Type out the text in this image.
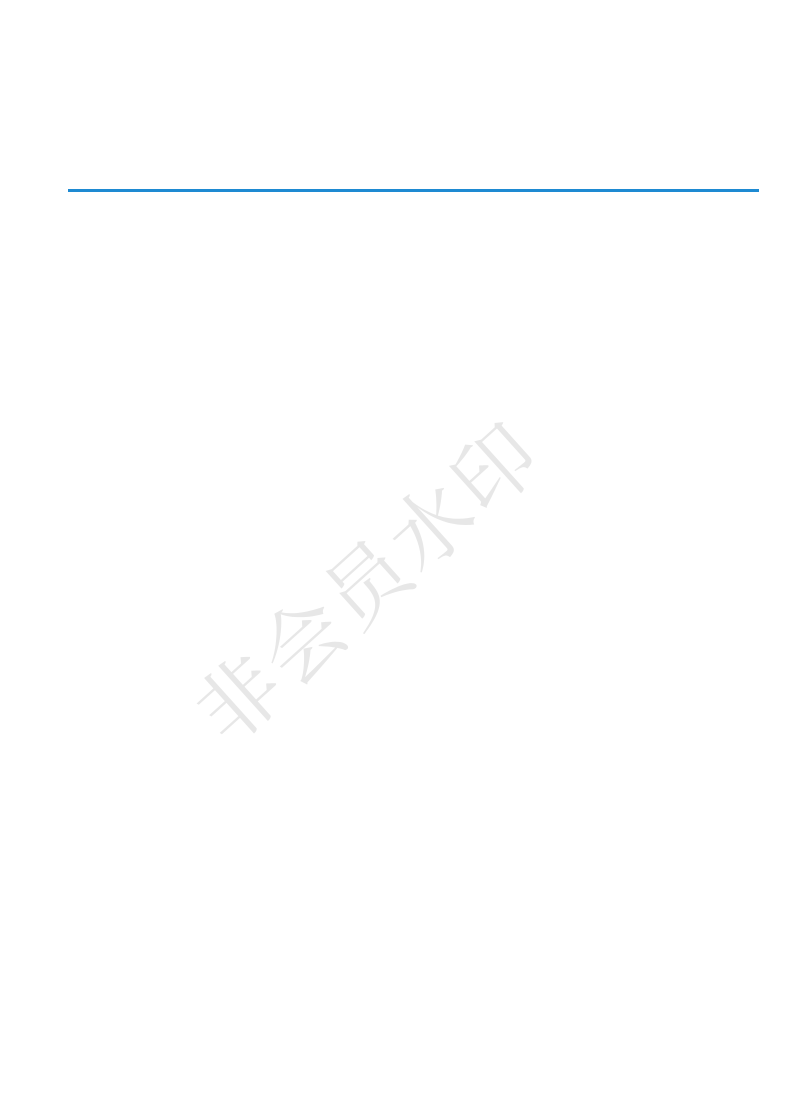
非会员水印
